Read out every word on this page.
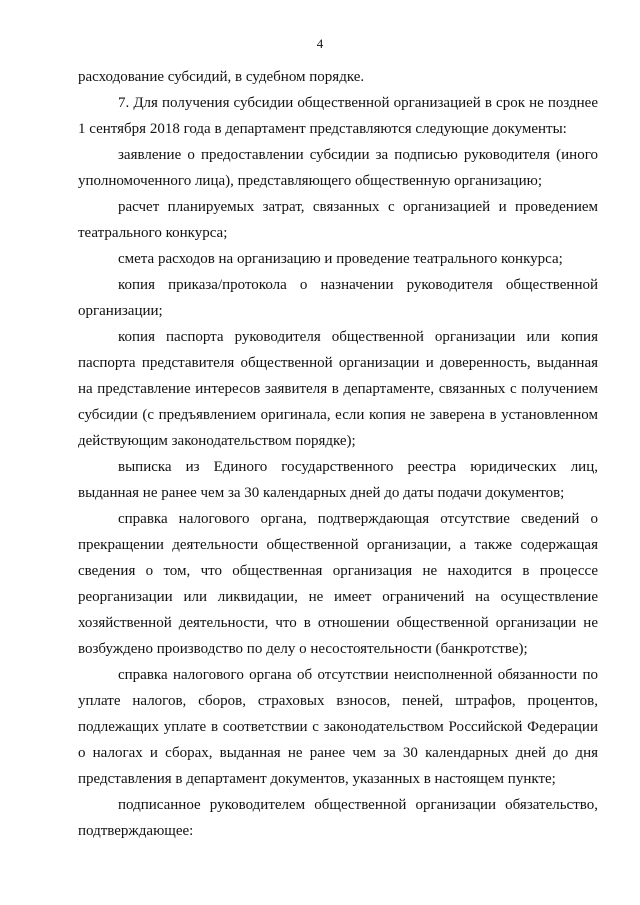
4

расходование субсидий, в судебном порядке.

7. Для получения субсидии общественной организацией в срок не позднее 1 сентября 2018 года в департамент представляются следующие документы:

заявление о предоставлении субсидии за подписью руководителя (иного уполномоченного лица), представляющего общественную организацию;

расчет планируемых затрат, связанных с организацией и проведением театрального конкурса;

смета расходов на организацию и проведение театрального конкурса;

копия приказа/протокола о назначении руководителя общественной организации;

копия паспорта руководителя общественной организации или копия паспорта представителя общественной организации и доверенность, выданная на представление интересов заявителя в департаменте, связанных с получением субсидии (с предъявлением оригинала, если копия не заверена в установленном действующим законодательством порядке);

выписка из Единого государственного реестра юридических лиц, выданная не ранее чем за 30 календарных дней до даты подачи документов;

справка налогового органа, подтверждающая отсутствие сведений о прекращении деятельности общественной организации, а также содержащая сведения о том, что общественная организация не находится в процессе реорганизации или ликвидации, не имеет ограничений на осуществление хозяйственной деятельности, что в отношении общественной организации не возбуждено производство по делу о несостоятельности (банкротстве);

справка налогового органа об отсутствии неисполненной обязанности по уплате налогов, сборов, страховых взносов, пеней, штрафов, процентов, подлежащих уплате в соответствии с законодательством Российской Федерации о налогах и сборах, выданная не ранее чем за 30 календарных дней до дня представления в департамент документов, указанных в настоящем пункте;

подписанное руководителем общественной организации обязательство, подтверждающее:
